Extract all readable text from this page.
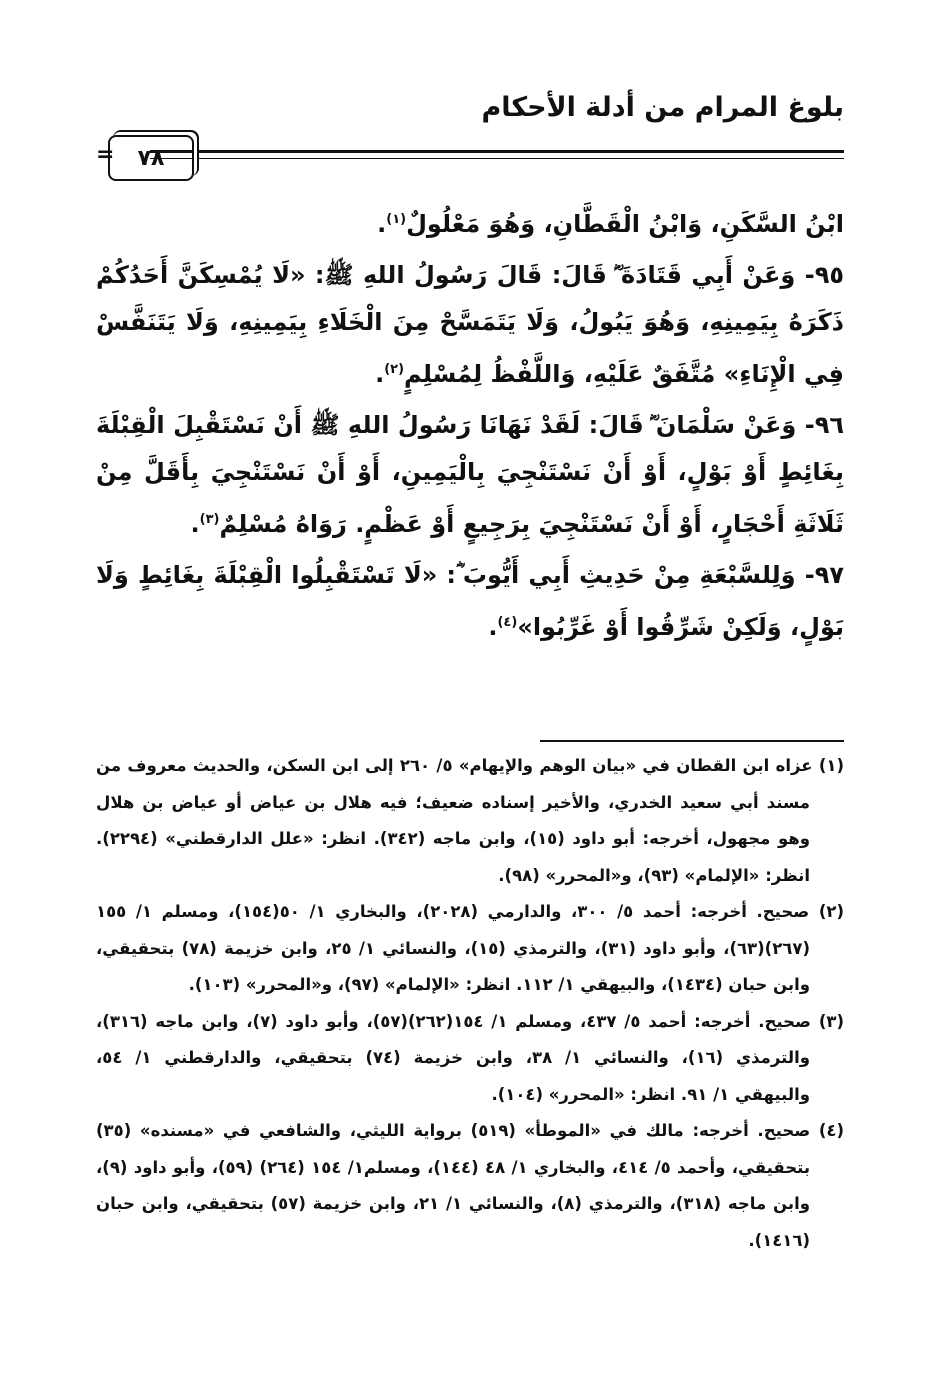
بلوغ المرام من أدلة الأحكام
٧٨
=

ابْنُ السَّكَنِ، وَابْنُ الْقَطَّانِ، وَهُوَ مَعْلُولٌ$^{(١)}$.

٩٥- وَعَنْ أَبِي قَتَادَةَ ؓ قَالَ: قَالَ رَسُولُ اللهِ ﷺ: «لَا يُمْسِكَنَّ أَحَدُكُمْ ذَكَرَهُ بِيَمِينِهِ، وَهُوَ يَبُولُ، وَلَا يَتَمَسَّحْ مِنَ الْخَلَاءِ بِيَمِينِهِ، وَلَا يَتَنَفَّسْ فِي الْإِنَاءِ» مُتَّفَقٌ عَلَيْهِ، وَاللَّفْظُ لِمُسْلِمٍ$^{(٢)}$.

٩٦- وَعَنْ سَلْمَانَ ؓ قَالَ: لَقَدْ نَهَانَا رَسُولُ اللهِ ﷺ أَنْ نَسْتَقْبِلَ الْقِبْلَةَ بِغَائِطٍ أَوْ بَوْلٍ، أَوْ أَنْ نَسْتَنْجِيَ بِالْيَمِينِ، أَوْ أَنْ نَسْتَنْجِيَ بِأَقَلَّ مِنْ ثَلَاثَةِ أَحْجَارٍ، أَوْ أَنْ نَسْتَنْجِيَ بِرَجِيعٍ أَوْ عَظْمٍ. رَوَاهُ مُسْلِمٌ$^{(٣)}$.

٩٧- وَلِلسَّبْعَةِ مِنْ حَدِيثِ أَبِي أَيُّوبَ ؓ: «لَا تَسْتَقْبِلُوا الْقِبْلَةَ بِغَائِطٍ وَلَا بَوْلٍ، وَلَكِنْ شَرِّقُوا أَوْ غَرِّبُوا»$^{(٤)}$.

(١) عزاه ابن القطان في «بيان الوهم والإيهام» ٥/ ٢٦٠ إلى ابن السكن، والحديث معروف من مسند أبي سعيد الخدري، والأخير إسناده ضعيف؛ فيه هلال بن عياض أو عياض بن هلال وهو مجهول، أخرجه: أبو داود (١٥)، وابن ماجه (٣٤٢). انظر: «علل الدارقطني» (٢٢٩٤). انظر: «الإلمام» (٩٣)، و«المحرر» (٩٨).

(٢) صحيح. أخرجه: أحمد ٥/ ٣٠٠، والدارمي (٢٠٢٨)، والبخاري ١/ ٥٠(١٥٤)، ومسلم ١/ ١٥٥ (٢٦٧)(٦٣)، وأبو داود (٣١)، والترمذي (١٥)، والنسائي ١/ ٢٥، وابن خزيمة (٧٨) بتحقيقي، وابن حبان (١٤٣٤)، والبيهقي ١/ ١١٢. انظر: «الإلمام» (٩٧)، و«المحرر» (١٠٣).

(٣) صحيح. أخرجه: أحمد ٥/ ٤٣٧، ومسلم ١/ ١٥٤(٢٦٢)(٥٧)، وأبو داود (٧)، وابن ماجه (٣١٦)، والترمذي (١٦)، والنسائي ١/ ٣٨، وابن خزيمة (٧٤) بتحقيقي، والدارقطني ١/ ٥٤، والبيهقي ١/ ٩١. انظر: «المحرر» (١٠٤).

(٤) صحيح. أخرجه: مالك في «الموطأ» (٥١٩) برواية الليثي، والشافعي في «مسنده» (٣٥) بتحقيقي، وأحمد ٥/ ٤١٤، والبخاري ١/ ٤٨ (١٤٤)، ومسلم١/ ١٥٤ (٢٦٤) (٥٩)، وأبو داود (٩)، وابن ماجه (٣١٨)، والترمذي (٨)، والنسائي ١/ ٢١، وابن خزيمة (٥٧) بتحقيقي، وابن حبان (١٤١٦).
